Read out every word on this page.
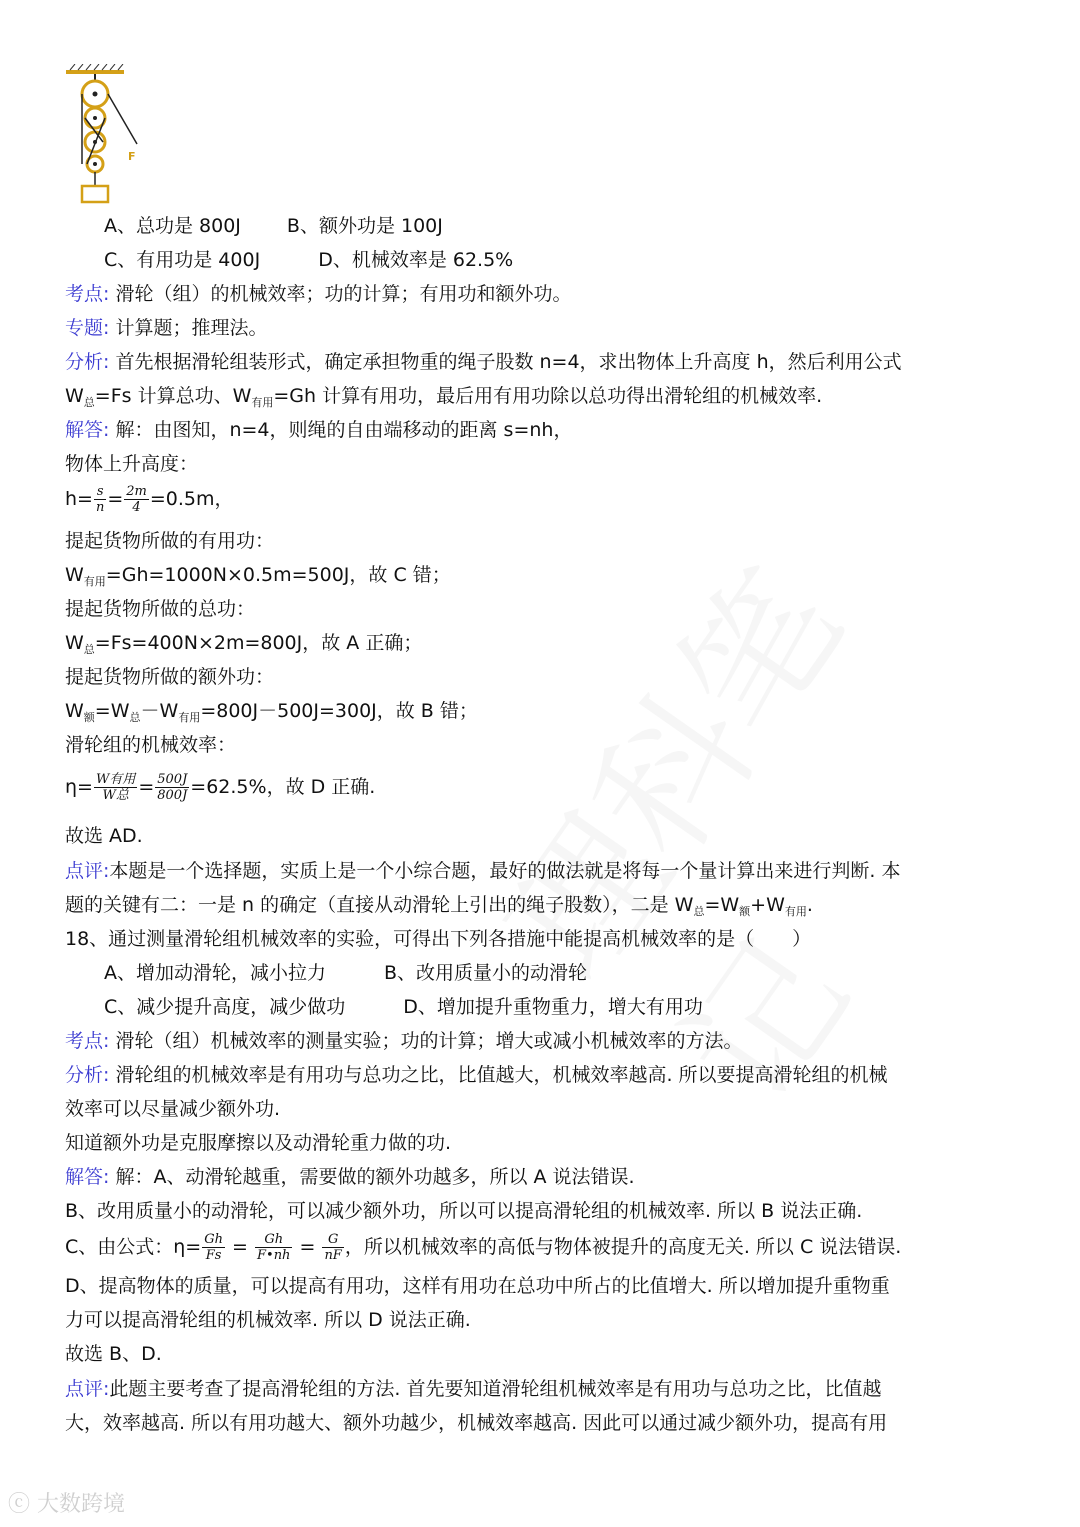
F
A、总功是 800J B、额外功是 100J
C、有用功是 400J	D、机械效率是 62.5%
考点: 滑轮（组）的机械效率；功的计算；有用功和额外功。
专题: 计算题；推理法。
分析: 首先根据滑轮组装形式，确定承担物重的绳子股数 n=4，求出物体上升高度 h，然后利用公式
$W_总=Fs$ 计算总功、$W_{有用}=Gh$ 计算有用功，最后用有用功除以总功得出滑轮组的机械效率.
解答: 解：由图知，n=4，则绳的自由端移动的距离 s=nh，
物体上升高度：
$h= \frac{s}{n} = \frac{2m}{4} =0.5m$，
提起货物所做的有用功：
$W_{有用}=Gh=1000N\times 0.5m=500J$，故 C 错；
提起货物所做的总功：
$W_总=Fs=400N\times 2m=800J$，故 A 正确；
提起货物所做的额外功：
$W_额=W_总-W_{有用}=800J-500J=300J$，故 B 错；
滑轮组的机械效率：
$\eta= \frac{\text{W有用}}{\text{W总}} = \frac{500J}{800J} =62.5\%$，故 D 正确.
故选 AD.
点评:本题是一个选择题，实质上是一个小综合题，最好的做法就是将每一个量计算出来进行判断. 本
题的关键有二：一是 n 的确定（直接从动滑轮上引出的绳子股数），二是 $W_总=W_额+W_{有用}$.
18、通过测量滑轮组机械效率的实验，可得出下列各措施中能提高机械效率的是（　　）
A、增加动滑轮，减小拉力	B、改用质量小的动滑轮
C、减少提升高度，减少做功	D、增加提升重物重力，增大有用功
考点: 滑轮（组）机械效率的测量实验；功的计算；增大或减小机械效率的方法。
分析: 滑轮组的机械效率是有用功与总功之比，比值越大，机械效率越高. 所以要提高滑轮组的机械
效率可以尽量减少额外功.
知道额外功是克服摩擦以及动滑轮重力做的功.
解答: 解：A、动滑轮越重，需要做的额外功越多，所以 A 说法错误.
B、改用质量小的动滑轮，可以减少额外功，所以可以提高滑轮组的机械效率. 所以 B 说法正确.
C、由公式：$\eta= \frac{Gh}{Fs} = \frac{Gh}{F•nh} = \frac{G}{nF}$ ，所以机械效率的高低与物体被提升的高度无关. 所以 C 说法错误.
D、提高物体的质量，可以提高有用功，这样有用功在总功中所占的比值增大. 所以增加提升重物重
力可以提高滑轮组的机械效率. 所以 D 说法正确.
故选 B、D.
点评:此题主要考查了提高滑轮组的方法. 首先要知道滑轮组机械效率是有用功与总功之比，比值越
大，效率越高. 所以有用功越大、额外功越少，机械效率越高. 因此可以通过减少额外功，提高有用
ⓒ 大数跨境
